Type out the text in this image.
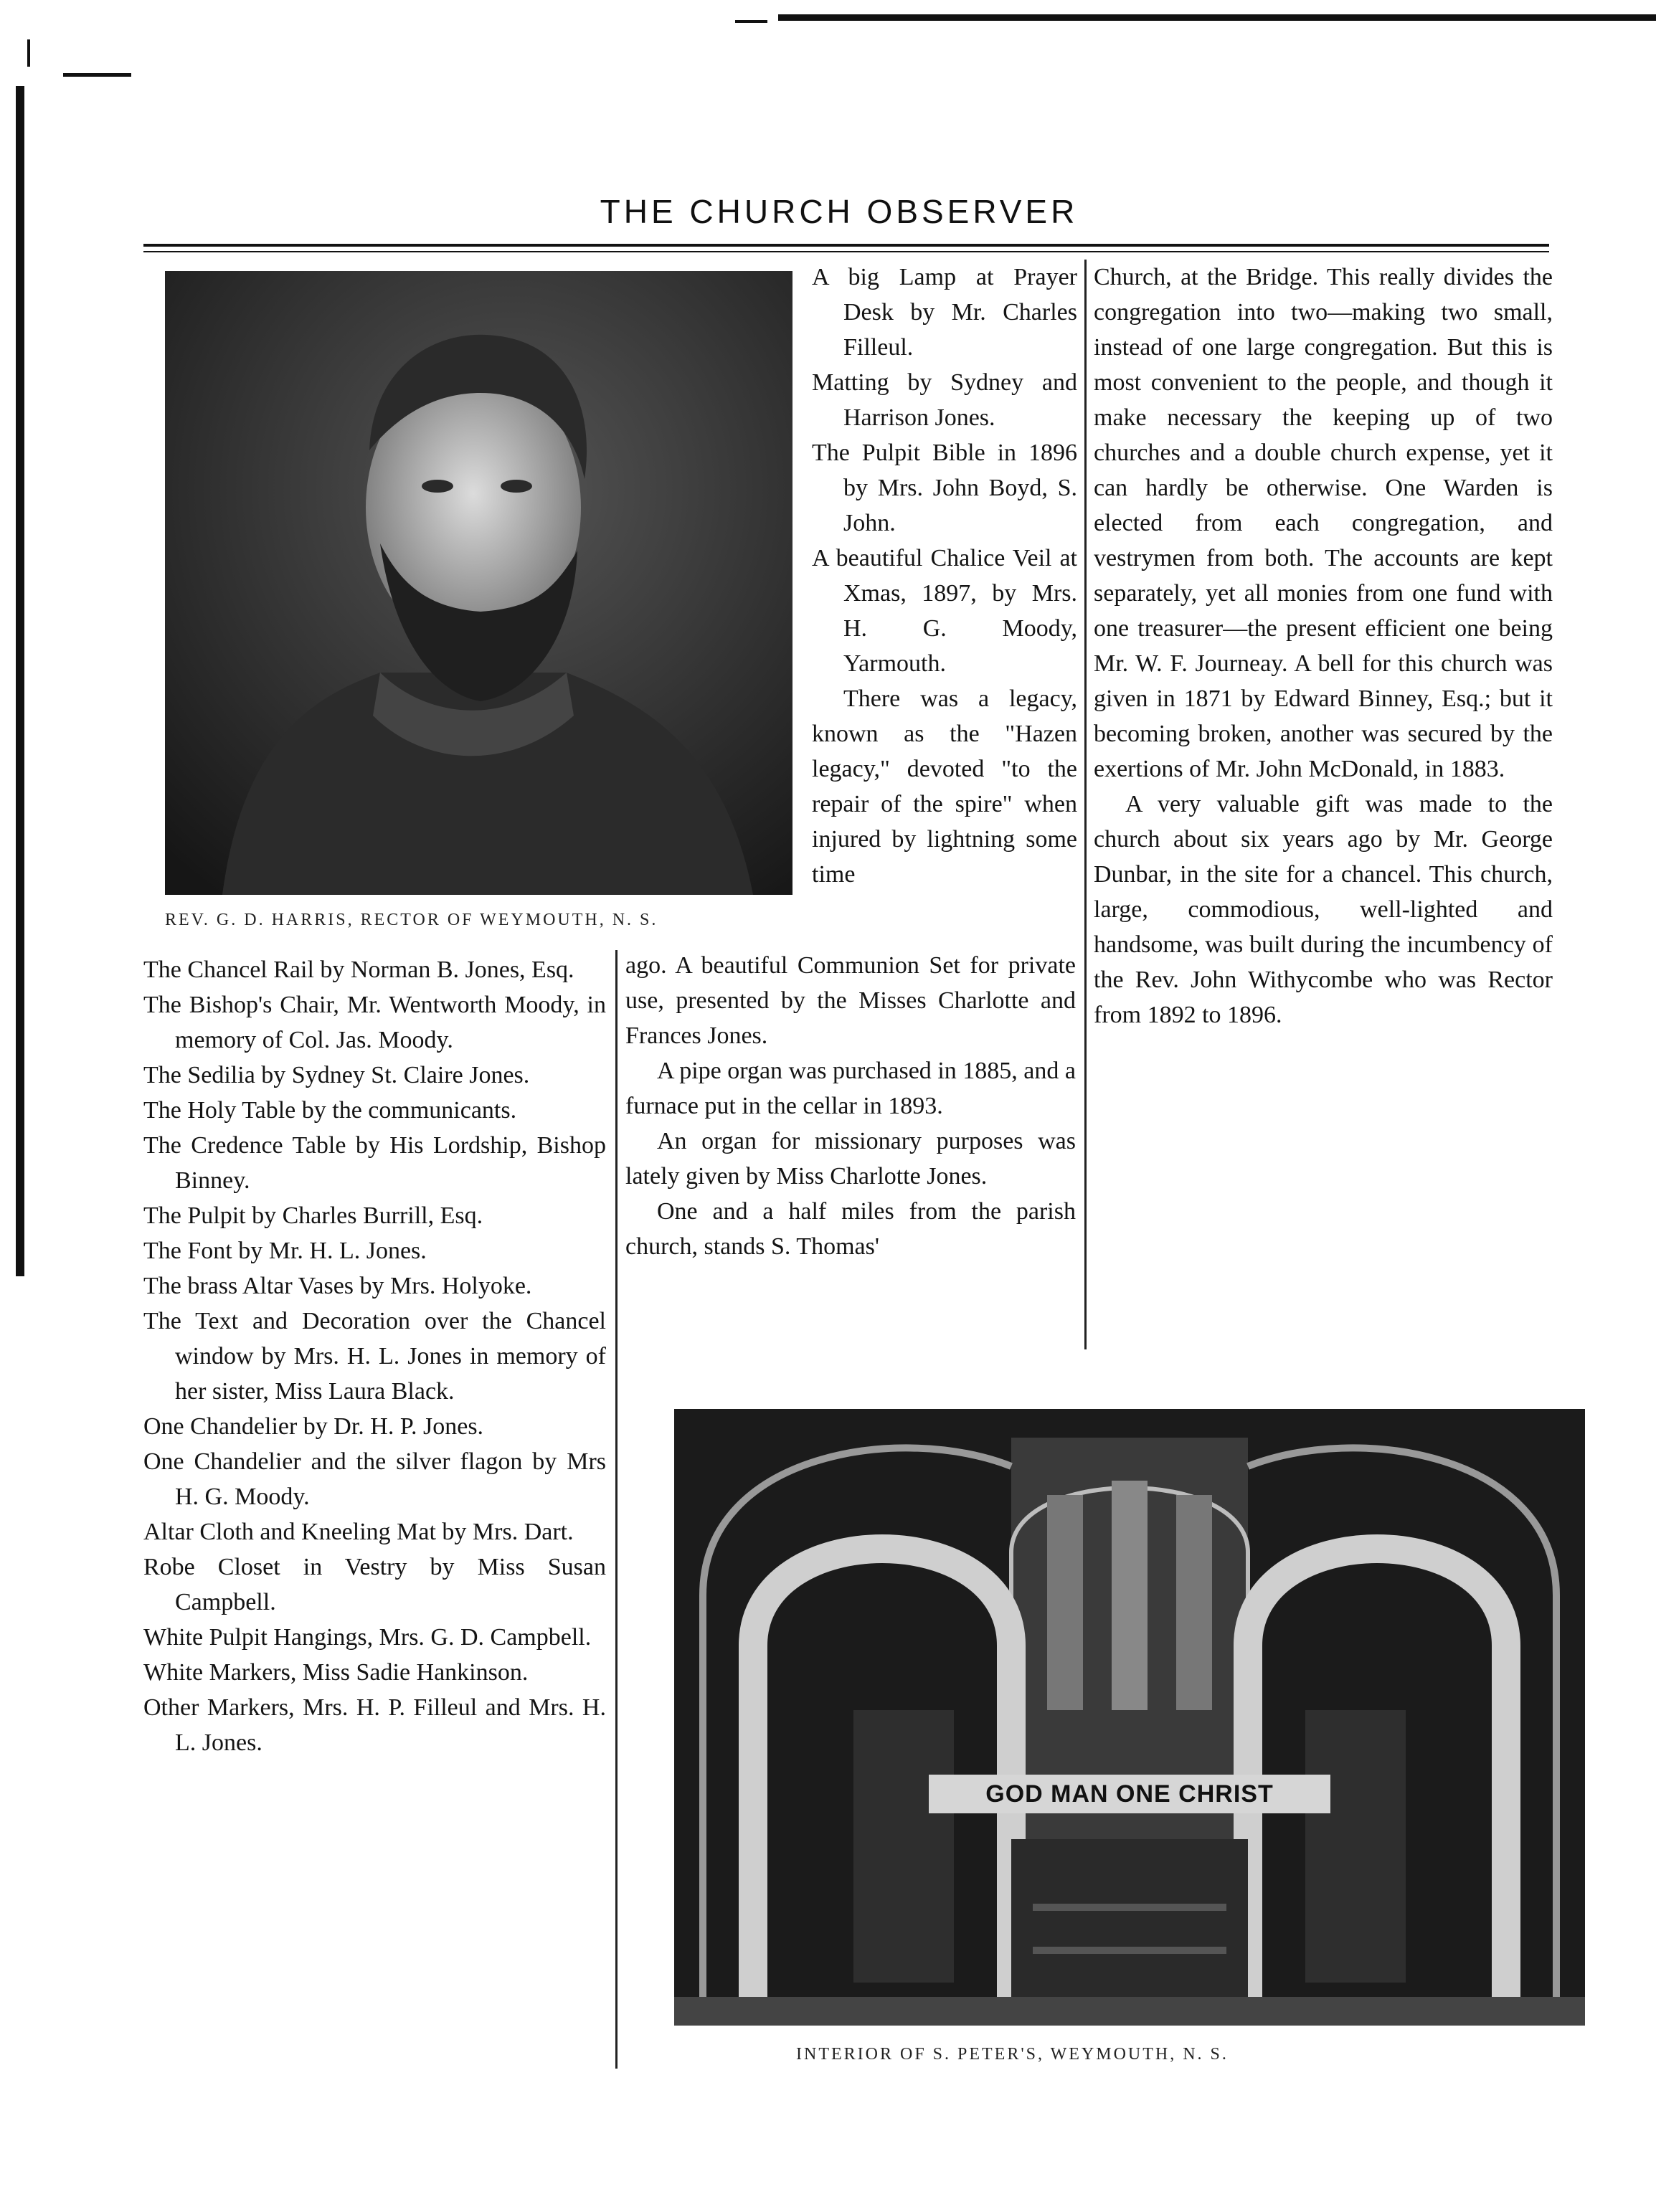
THE CHURCH OBSERVER
REV. G. D. HARRIS, RECTOR OF WEYMOUTH, N. S.

A big Lamp at Prayer Desk by Mr. Charles Filleul.

Matting by Sydney and Harrison Jones.

The Pulpit Bible in 1896 by Mrs. John Boyd, S. John.

A beautiful Chalice Veil at Xmas, 1897, by Mrs. H. G. Moody, Yarmouth.

There was a legacy, known as the "Hazen legacy," devoted "to the repair of the spire" when injured by lightning some time

The Chancel Rail by Norman B. Jones, Esq.

The Bishop's Chair, Mr. Wentworth Moody, in memory of Col. Jas. Moody.

The Sedilia by Sydney St. Claire Jones.

The Holy Table by the communicants.

The Credence Table by His Lordship, Bishop Binney.

The Pulpit by Charles Burrill, Esq.

The Font by Mr. H. L. Jones.

The brass Altar Vases by Mrs. Holyoke.

The Text and Decoration over the Chancel window by Mrs. H. L. Jones in memory of her sister, Miss Laura Black.

One Chandelier by Dr. H. P. Jones.

One Chandelier and the silver flagon by Mrs H. G. Moody.

Altar Cloth and Kneeling Mat by Mrs. Dart.

Robe Closet in Vestry by Miss Susan Campbell.

White Pulpit Hangings, Mrs. G. D. Campbell.

White Markers, Miss Sadie Hankinson.

Other Markers, Mrs. H. P. Filleul and Mrs. H. L. Jones.

ago. A beautiful Communion Set for private use, presented by the Misses Charlotte and Frances Jones.

A pipe organ was purchased in 1885, and a furnace put in the cellar in 1893.

An organ for missionary purposes was lately given by Miss Charlotte Jones.

One and a half miles from the parish church, stands S. Thomas'

Church, at the Bridge. This really divides the congregation into two—making two small, instead of one large congregation. But this is most convenient to the people, and though it make necessary the keeping up of two churches and a double church expense, yet it can hardly be otherwise. One Warden is elected from each congregation, and vestrymen from both. The accounts are kept separately, yet all monies from one fund with one treasurer—the present efficient one being Mr. W. F. Journeay. A bell for this church was given in 1871 by Edward Binney, Esq.; but it becoming broken, another was secured by the exertions of Mr. John McDonald, in 1883.

A very valuable gift was made to the church about six years ago by Mr. George Dunbar, in the site for a chancel. This church, large, commodious, well-lighted and handsome, was built during the incumbency of the Rev. John Withycombe who was Rector from 1892 to 1896.

GOD MAN ONE CHRIST
INTERIOR OF S. PETER'S, WEYMOUTH, N. S.
